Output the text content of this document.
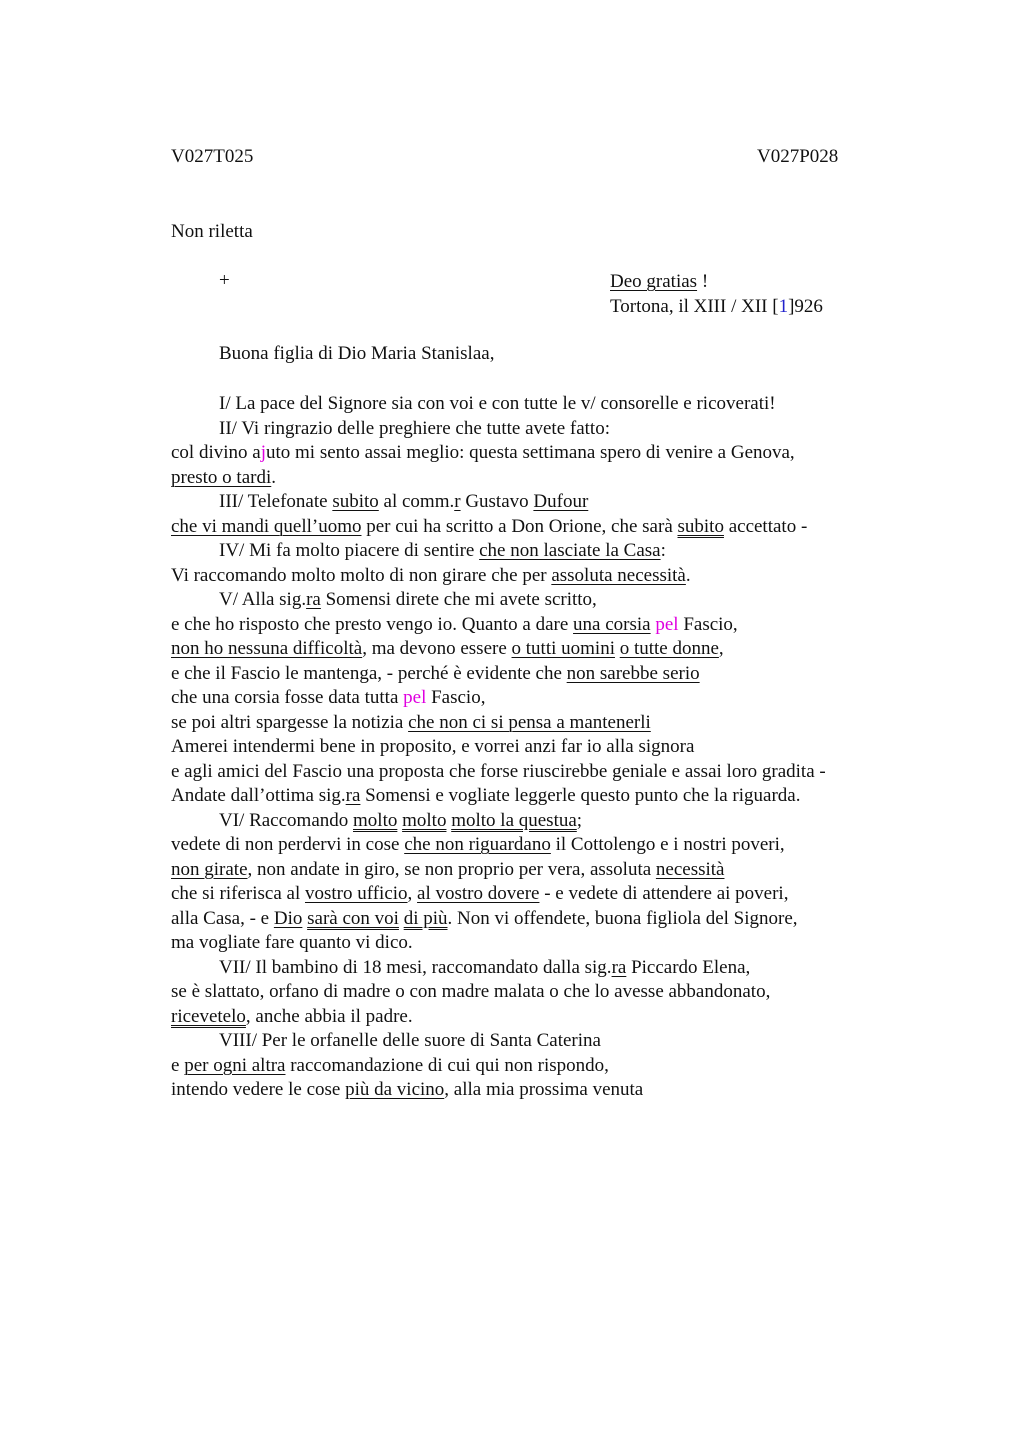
V027T025	V027P028
Non riletta
+	Deo gratias !
Tortona, il XIII / XII [1]926
Buona figlia di Dio Maria Stanislaa,
I/ La pace del Signore sia con voi e con tutte le v/ consorelle e ricoverati!
II/ Vi ringrazio delle preghiere che tutte avete fatto:
col divino ajuto mi sento assai meglio: questa settimana spero di venire a Genova,
presto o tardi.
III/ Telefonate subito al comm.r Gustavo Dufour
che vi mandi quell’uomo per cui ha scritto a Don Orione, che sarà subito accettato -
IV/ Mi fa molto piacere di sentire che non lasciate la Casa:
Vi raccomando molto molto di non girare che per assoluta necessità.
V/ Alla sig.ra Somensi direte che mi avete scritto,
e che ho risposto che presto vengo io. Quanto a dare una corsia pel Fascio,
non ho nessuna difficoltà, ma devono essere o tutti uomini o tutte donne,
e che il Fascio le mantenga, - perché è evidente che non sarebbe serio
che una corsia fosse data tutta pel Fascio,
se poi altri spargesse la notizia che non ci si pensa a mantenerli
Amerei intendermi bene in proposito, e vorrei anzi far io alla signora
e agli amici del Fascio una proposta che forse riuscirebbe geniale e assai loro gradita -
Andate dall’ottima sig.ra Somensi e vogliate leggerle questo punto che la riguarda.
VI/ Raccomando molto molto molto la questua;
vedete di non perdervi in cose che non riguardano il Cottolengo e i nostri poveri,
non girate, non andate in giro, se non proprio per vera, assoluta necessità
che si riferisca al vostro ufficio, al vostro dovere - e vedete di attendere ai poveri,
alla Casa, - e Dio sarà con voi di più. Non vi offendete, buona figliola del Signore,
ma vogliate fare quanto vi dico.
VII/ Il bambino di 18 mesi, raccomandato dalla sig.ra Piccardo Elena,
se è slattato, orfano di madre o con madre malata o che lo avesse abbandonato,
ricevetelo, anche abbia il padre.
VIII/ Per le orfanelle delle suore di Santa Caterina
e per ogni altra raccomandazione di cui qui non rispondo,
intendo vedere le cose più da vicino, alla mia prossima venuta
